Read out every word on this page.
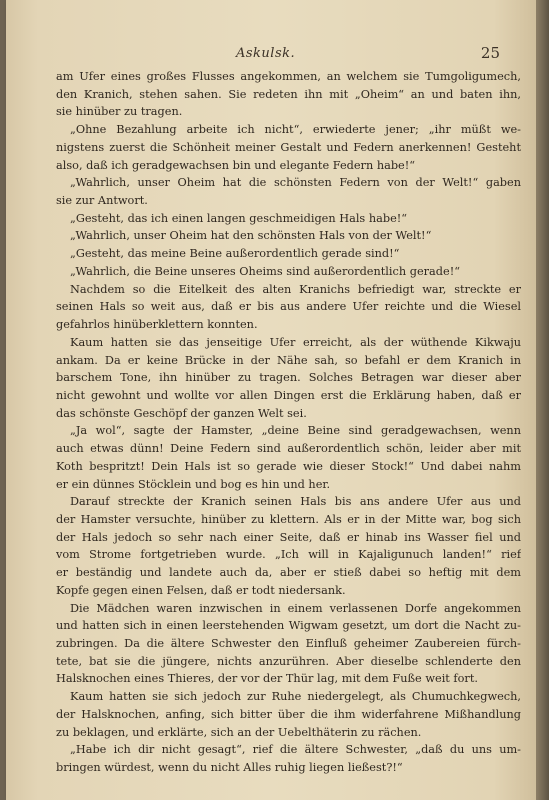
Askulsk.	25
am Ufer eines großes Flusses angekommen, an welchem sie Tumgoligumech,
den Kranich, stehen sahen. Sie redeten ihn mit „Oheim“ an und baten ihn,
sie hinüber zu tragen.
„Ohne Bezahlung arbeite ich nicht“, erwiederte jener; „ihr müßt we-
nigstens zuerst die Schönheit meiner Gestalt und Federn anerkennen! Gesteht
also, daß ich geradgewachsen bin und elegante Federn habe!“
„Wahrlich, unser Oheim hat die schönsten Federn von der Welt!“ gaben
sie zur Antwort.
„Gesteht, das ich einen langen geschmeidigen Hals habe!“
„Wahrlich, unser Oheim hat den schönsten Hals von der Welt!“
„Gesteht, das meine Beine außerordentlich gerade sind!“
„Wahrlich, die Beine unseres Oheims sind außerordentlich gerade!“
Nachdem so die Eitelkeit des alten Kranichs befriedigt war, streckte er
seinen Hals so weit aus, daß er bis aus andere Ufer reichte und die Wiesel
gefahrlos hinüberklettern konnten.
Kaum hatten sie das jenseitige Ufer erreicht, als der wüthende Kikwaju
ankam. Da er keine Brücke in der Nähe sah, so befahl er dem Kranich in
barschem Tone, ihn hinüber zu tragen. Solches Betragen war dieser aber
nicht gewohnt und wollte vor allen Dingen erst die Erklärung haben, daß er
das schönste Geschöpf der ganzen Welt sei.
„Ja wol“, sagte der Hamster, „deine Beine sind geradgewachsen, wenn
auch etwas dünn! Deine Federn sind außerordentlich schön, leider aber mit
Koth bespritzt! Dein Hals ist so gerade wie dieser Stock!“ Und dabei nahm
er ein dünnes Stöcklein und bog es hin und her.
Darauf streckte der Kranich seinen Hals bis ans andere Ufer aus und
der Hamster versuchte, hinüber zu klettern. Als er in der Mitte war, bog sich
der Hals jedoch so sehr nach einer Seite, daß er hinab ins Wasser fiel und
vom Strome fortgetrieben wurde. „Ich will in Kajaligunuch landen!“ rief
er beständig und landete auch da, aber er stieß dabei so heftig mit dem
Kopfe gegen einen Felsen, daß er todt niedersank.
Die Mädchen waren inzwischen in einem verlassenen Dorfe angekommen
und hatten sich in einen leerstehenden Wigwam gesetzt, um dort die Nacht zu-
zubringen. Da die ältere Schwester den Einfluß geheimer Zaubereien fürch-
tete, bat sie die jüngere, nichts anzurühren. Aber dieselbe schlenderte den
Halsknochen eines Thieres, der vor der Thür lag, mit dem Fuße weit fort.
Kaum hatten sie sich jedoch zur Ruhe niedergelegt, als Chumuchkegwech,
der Halsknochen, anfing, sich bitter über die ihm widerfahrene Mißhandlung
zu beklagen, und erklärte, sich an der Uebelthäterin zu rächen.
„Habe ich dir nicht gesagt“, rief die ältere Schwester, „daß du uns um-
bringen würdest, wenn du nicht Alles ruhig liegen ließest?!“
